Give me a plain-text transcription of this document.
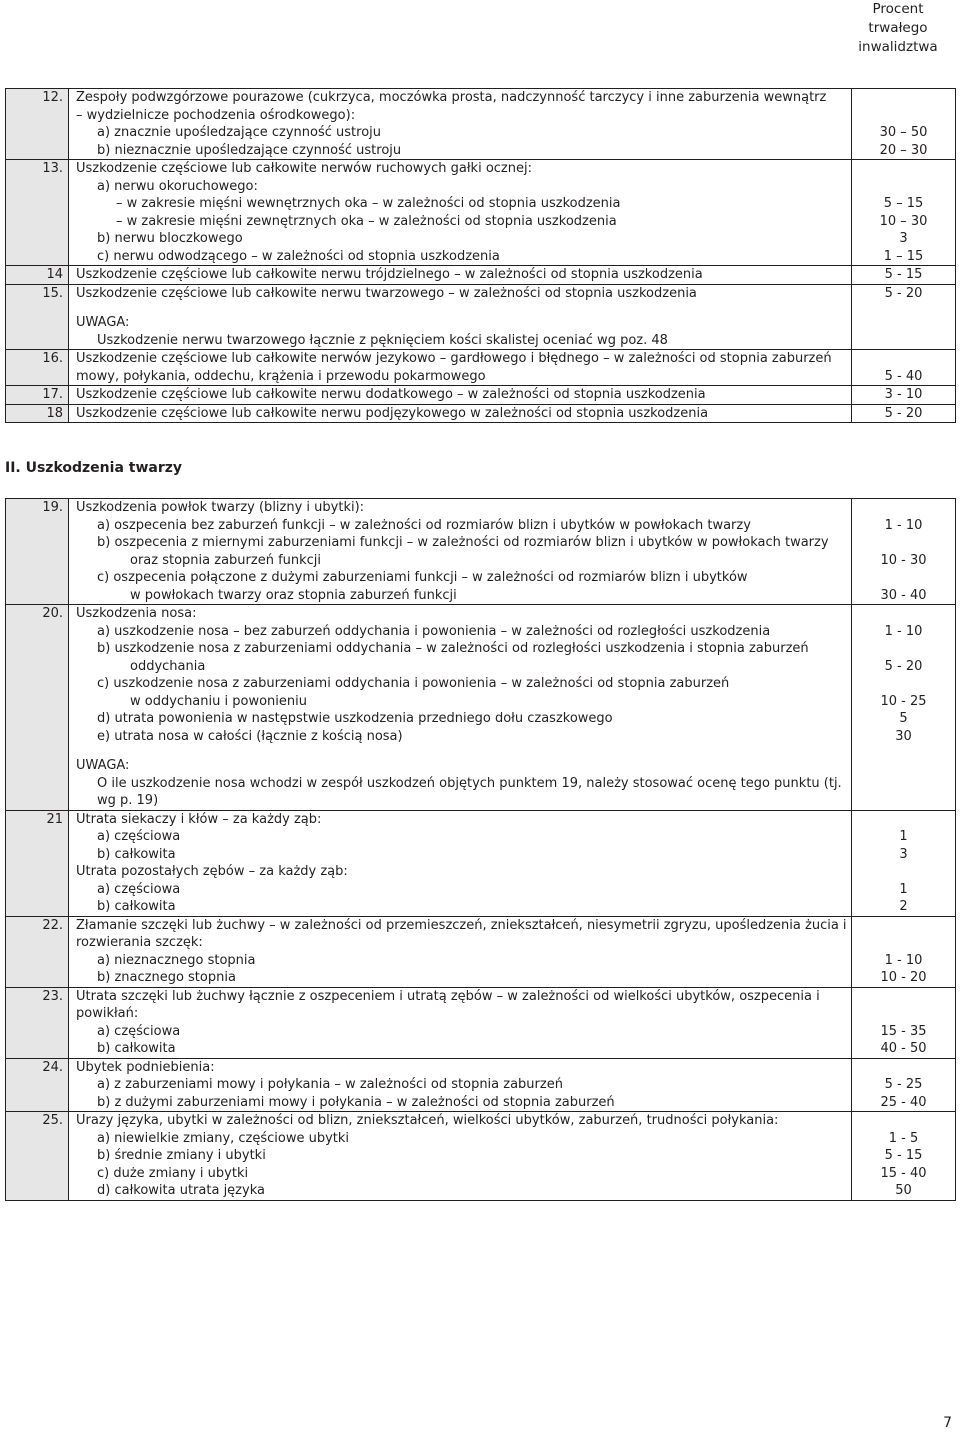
Procent
trwałego
inwalidztwa
12.	Zespoły podwzgórzowe pourazowe (cukrzyca, moczówka prosta, nadczynność tarczycy i inne zaburzenia wewnątrz	

	– wydzielnicze pochodzenia ośrodkowego):	

	a) znacznie upośledzające czynność ustroju	30 – 50

	b) nieznacznie upośledzające czynność ustroju	20 – 30
13.	Uszkodzenie częściowe lub całkowite nerwów ruchowych gałki ocznej:	

	a) nerwu okoruchowego:	

	– w zakresie mięśni wewnętrznych oka – w zależności od stopnia uszkodzenia	5 – 15

	– w zakresie mięśni zewnętrznych oka – w zależności od stopnia uszkodzenia	10 – 30

	b) nerwu bloczkowego	3

	c) nerwu odwodzącego – w zależności od stopnia uszkodzenia	1 – 15
14	Uszkodzenie częściowe lub całkowite nerwu trójdzielnego – w zależności od stopnia uszkodzenia	5 - 15
15.	Uszkodzenie częściowe lub całkowite nerwu twarzowego – w zależności od stopnia uszkodzenia	5 - 20

	UWAGA:	

	Uszkodzenie nerwu twarzowego łącznie z pęknięciem kości skalistej oceniać wg poz. 48	

16.	Uszkodzenie częściowe lub całkowite nerwów jezykowo – gardłowego i błędnego – w zależności od stopnia zaburzeń	

	mowy, połykania, oddechu, krążenia i przewodu pokarmowego	5 - 40
17.	Uszkodzenie częściowe lub całkowite nerwu dodatkowego – w zależności od stopnia uszkodzenia	3 - 10
18	Uszkodzenie częściowe lub całkowite nerwu podjęzykowego w zależności od stopnia uszkodzenia	5 - 20
II. Uszkodzenia twarzy
19.	Uszkodzenia powłok twarzy (blizny i ubytki):	

	a) oszpecenia bez zaburzeń funkcji – w zależności od rozmiarów blizn i ubytków w powłokach twarzy	1 - 10

	b) oszpecenia z miernymi zaburzeniami funkcji – w zależności od rozmiarów blizn i ubytków w powłokach twarzy	

	oraz stopnia zaburzeń funkcji	10 - 30

	c) oszpecenia połączone z dużymi zaburzeniami funkcji – w zależności od rozmiarów blizn i ubytków	

	w powłokach twarzy oraz stopnia zaburzeń funkcji	30 - 40
20.	Uszkodzenia nosa:	

	a) uszkodzenie nosa – bez zaburzeń oddychania i powonienia – w zależności od rozległości uszkodzenia	1 - 10

	b) uszkodzenie nosa z zaburzeniami oddychania – w zależności od rozległości uszkodzenia i stopnia zaburzeń	

	oddychania	5 - 20

	c) uszkodzenie nosa z zaburzeniami oddychania i powonienia – w zależności od stopnia zaburzeń	

	w oddychaniu i powonieniu	10 - 25

	d) utrata powonienia w następstwie uszkodzenia przedniego dołu czaszkowego	5

	e) utrata nosa w całości (łącznie z kością nosa)	30

	UWAGA:	

	O ile uszkodzenie nosa wchodzi w zespół uszkodzeń objętych punktem 19, należy stosować ocenę tego punktu (tj.	

	wg p. 19)	

21	Utrata siekaczy i kłów – za każdy ząb:	

	a) częściowa	1

	b) całkowita	3

	Utrata pozostałych zębów – za każdy ząb:	

	a) częściowa	1

	b) całkowita	2
22.	Złamanie szczęki lub żuchwy – w zależności od przemieszczeń, zniekształceń, niesymetrii zgryzu, upośledzenia żucia i	

	rozwierania szczęk:	

	a) nieznacznego stopnia	1 - 10

	b) znacznego stopnia	10 - 20
23.	Utrata szczęki lub żuchwy łącznie z oszpeceniem i utratą zębów – w zależności od wielkości ubytków, oszpecenia i	

	powikłań:	

	a) częściowa	15 - 35

	b) całkowita	40 - 50
24.	Ubytek podniebienia:	

	a) z zaburzeniami mowy i połykania – w zależności od stopnia zaburzeń	5 - 25

	b) z dużymi zaburzeniami mowy i połykania – w zależności od stopnia zaburzeń	25 - 40
25.	Urazy języka, ubytki w zależności od blizn, zniekształceń, wielkości ubytków, zaburzeń, trudności połykania:	

	a) niewielkie zmiany, częściowe ubytki	1 - 5

	b) średnie zmiany i ubytki	5 - 15

	c) duże zmiany i ubytki	15 - 40

	d) całkowita utrata języka	50
7
